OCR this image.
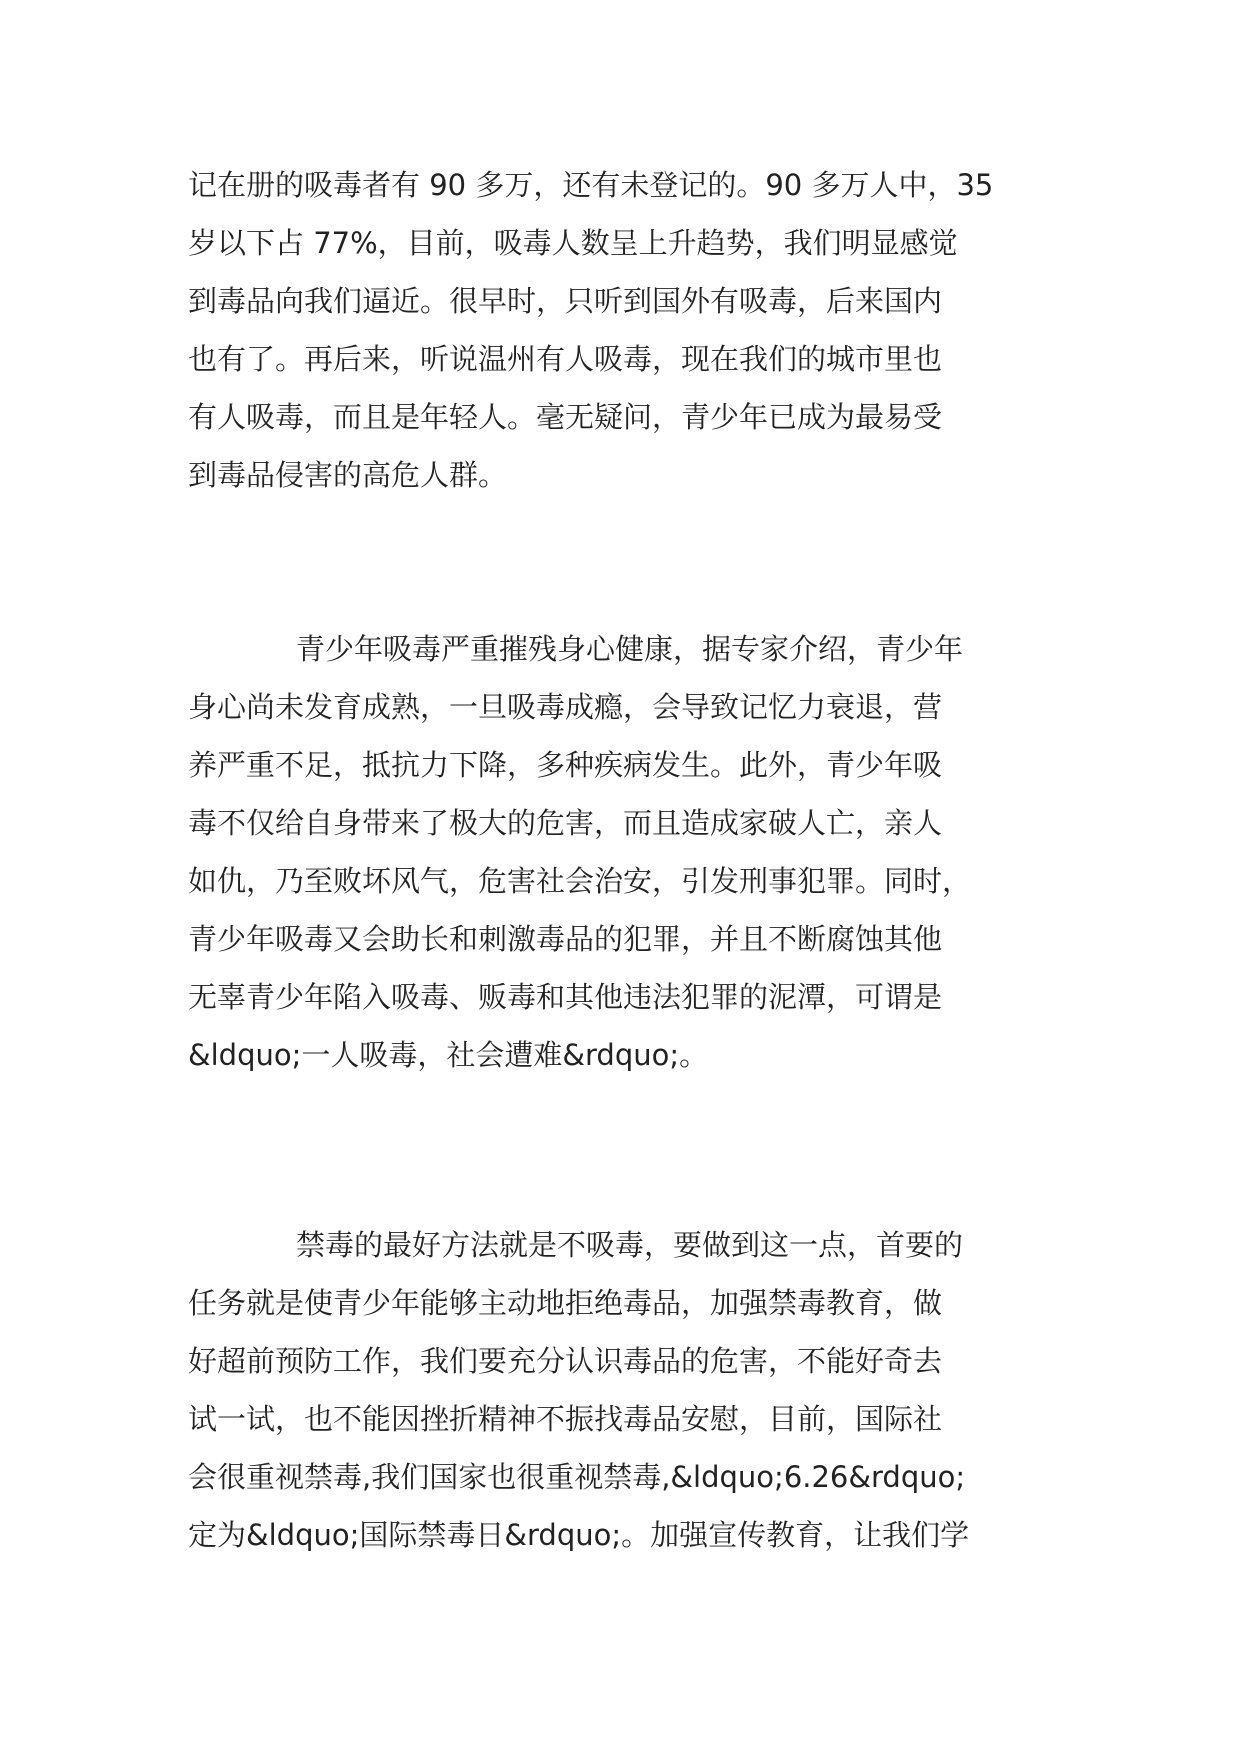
记在册的吸毒者有 90 多万，还有未登记的。90 多万人中，35
岁以下占 77%，目前，吸毒人数呈上升趋势，我们明显感觉
到毒品向我们逼近。很早时，只听到国外有吸毒，后来国内
也有了。再后来，听说温州有人吸毒，现在我们的城市里也
有人吸毒，而且是年轻人。毫无疑问，青少年已成为最易受
到毒品侵害的高危人群。
青少年吸毒严重摧残身心健康，据专家介绍，青少年
身心尚未发育成熟，一旦吸毒成瘾，会导致记忆力衰退，营
养严重不足，抵抗力下降，多种疾病发生。此外，青少年吸
毒不仅给自身带来了极大的危害，而且造成家破人亡，亲人
如仇，乃至败坏风气，危害社会治安，引发刑事犯罪。同时，
青少年吸毒又会助长和刺激毒品的犯罪，并且不断腐蚀其他
无辜青少年陷入吸毒、贩毒和其他违法犯罪的泥潭，可谓是
&ldquo;一人吸毒，社会遭难&rdquo;。
禁毒的最好方法就是不吸毒，要做到这一点，首要的
任务就是使青少年能够主动地拒绝毒品，加强禁毒教育，做
好超前预防工作，我们要充分认识毒品的危害，不能好奇去
试一试，也不能因挫折精神不振找毒品安慰，目前，国际社
会很重视禁毒,我们国家也很重视禁毒,&ldquo;6.26&rdquo;
定为&ldquo;国际禁毒日&rdquo;。加强宣传教育，让我们学
